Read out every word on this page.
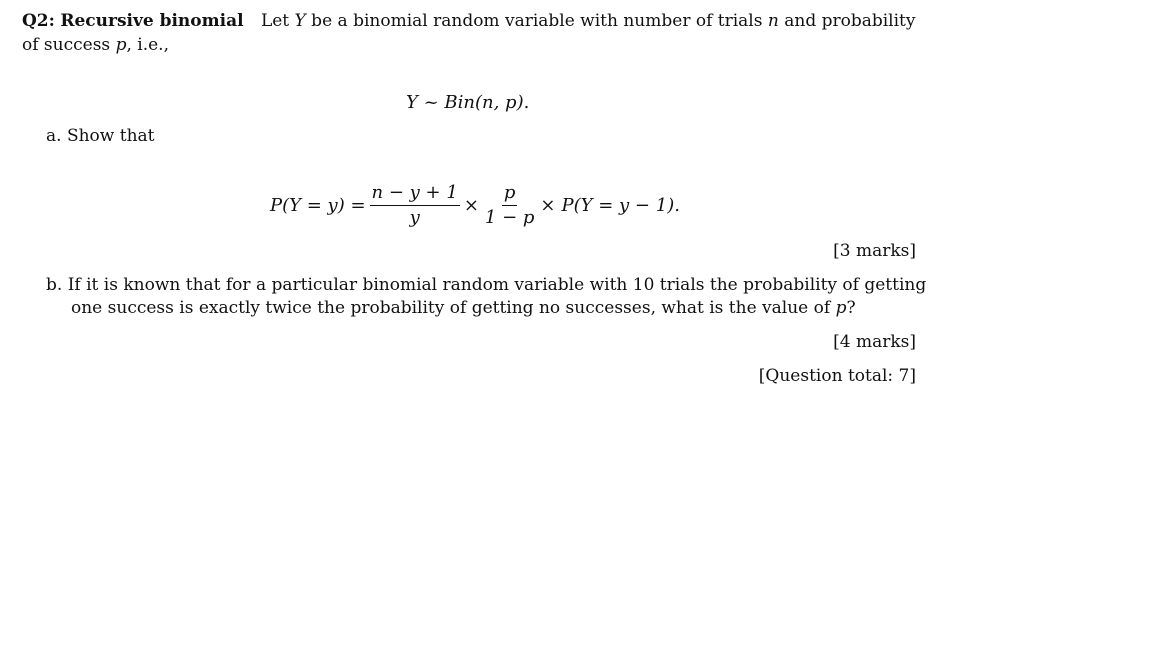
Q2: Recursive binomial Let Y be a binomial random variable with number of trials n and probability
of success p, i.e.,
Y ~ Bin(n, p).
a. Show that
$P(Y = y) = \frac{n - y + 1}{y} \times \frac{p}{1 - p} \times P(Y = y - 1)$.
[3 marks]
b. If it is known that for a particular binomial random variable with 10 trials the probability of getting
one success is exactly twice the probability of getting no successes, what is the value of p?
[4 marks]
[Question total: 7]
